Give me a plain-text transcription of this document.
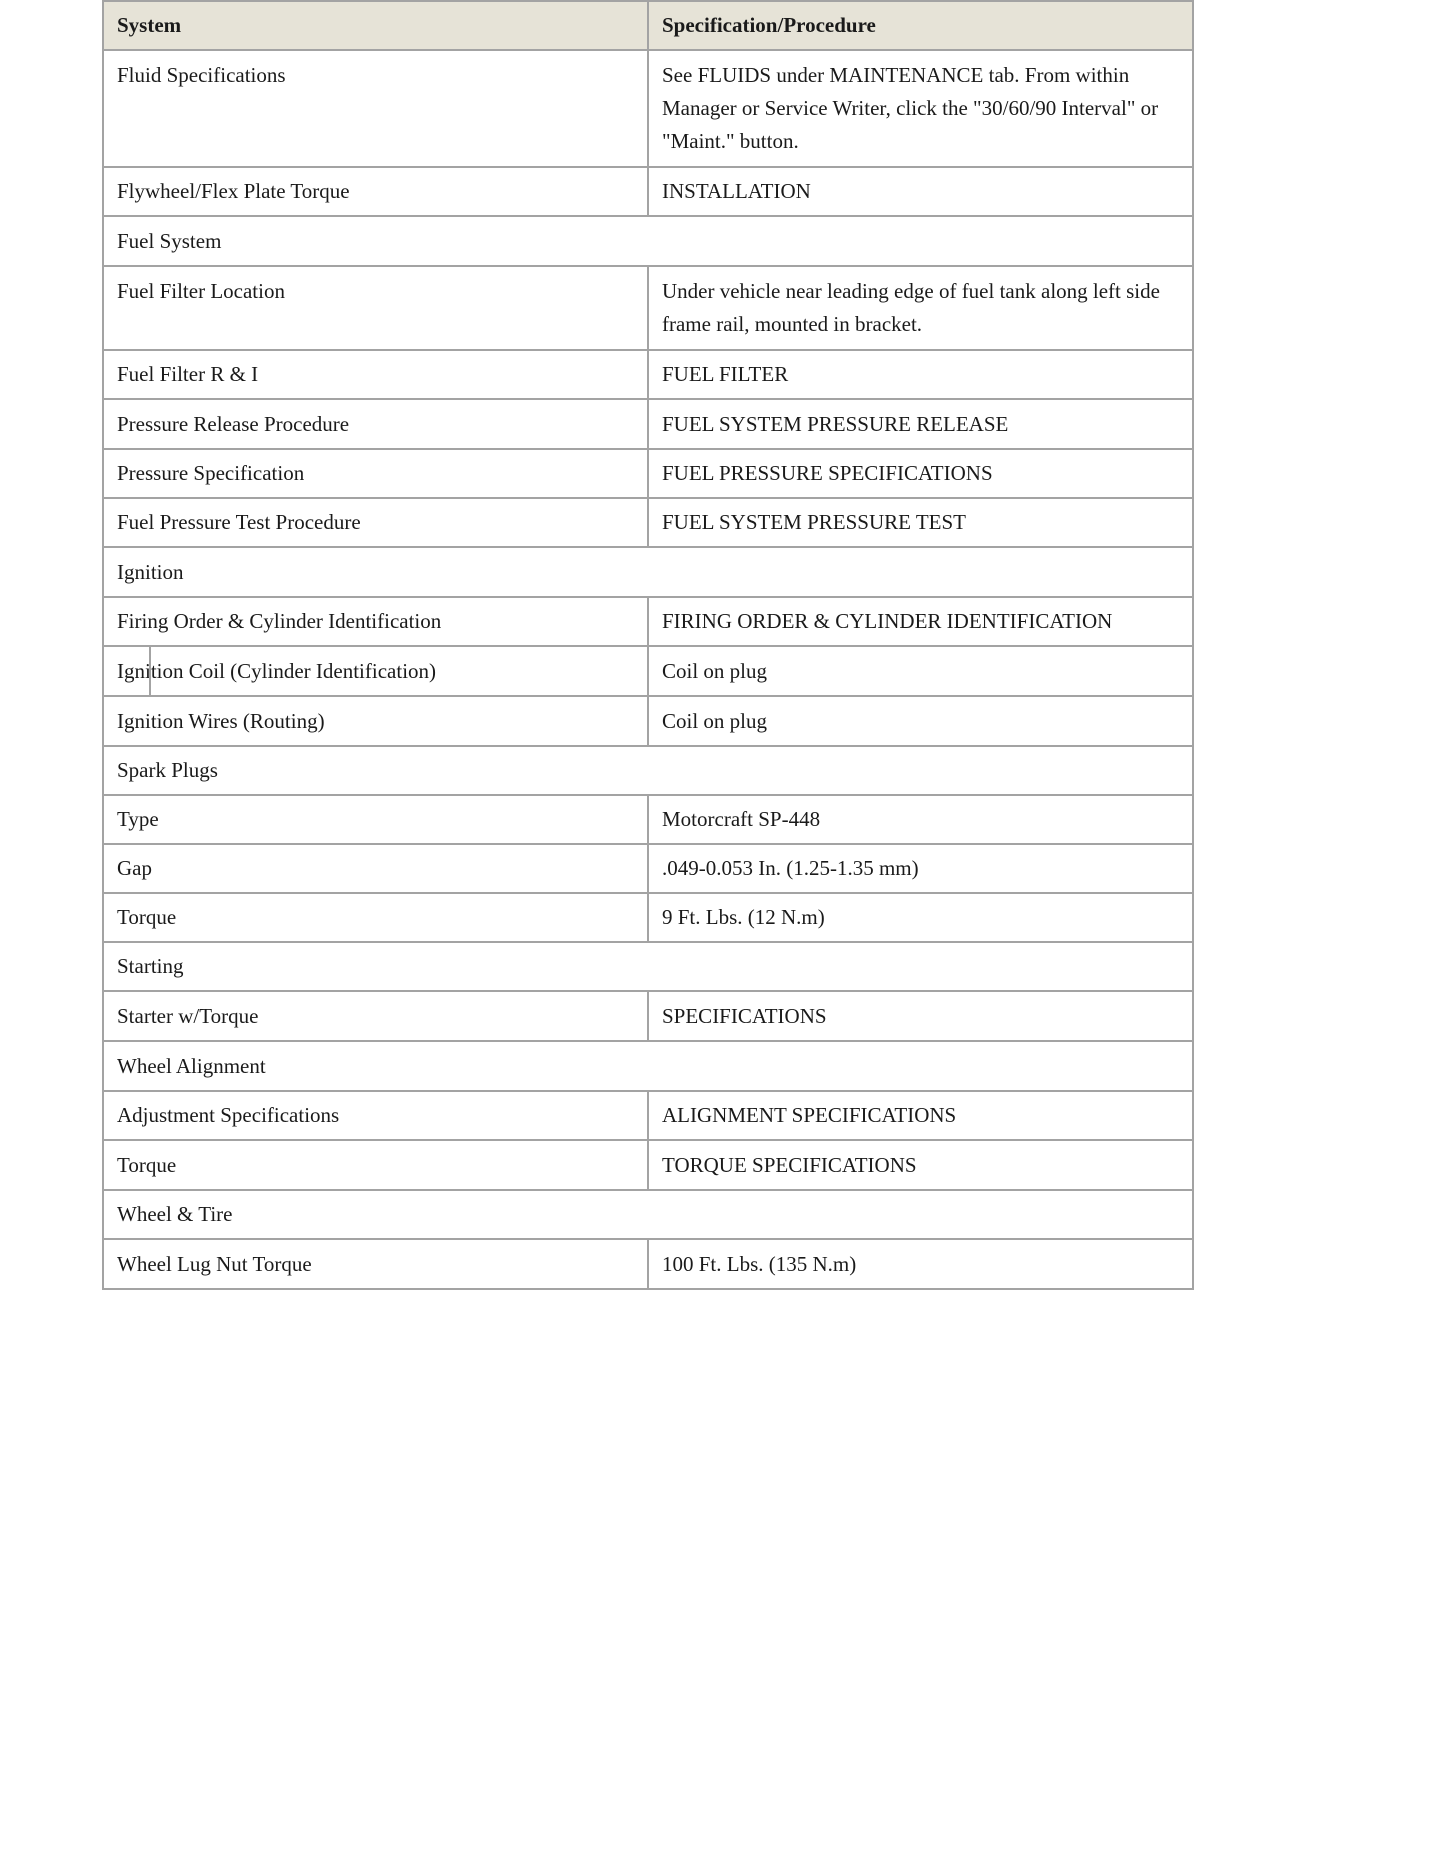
System	Specification/Procedure
Fluid Specifications	See FLUIDS under MAINTENANCE tab. From within Manager or Service Writer, click the "30/60/90 Interval" or "Maint." button.
Flywheel/Flex Plate Torque	INSTALLATION
Fuel System	
Fuel Filter Location	Under vehicle near leading edge of fuel tank along left side frame rail, mounted in bracket.
Fuel Filter R & I	FUEL FILTER
Pressure Release Procedure	FUEL SYSTEM PRESSURE RELEASE
Pressure Specification	FUEL PRESSURE SPECIFICATIONS
Fuel Pressure Test Procedure	FUEL SYSTEM PRESSURE TEST
Ignition	
Firing Order & Cylinder Identification	FIRING ORDER & CYLINDER IDENTIFICATION

Ignition Coil (Cylinder Identification)	Coil on plug
Ignition Wires (Routing)	Coil on plug
Spark Plugs	
Type	Motorcraft SP-448
Gap	.049-0.053 In. (1.25-1.35 mm)
Torque	9 Ft. Lbs. (12 N.m)
Starting	
Starter w/Torque	SPECIFICATIONS
Wheel Alignment	
Adjustment Specifications	ALIGNMENT SPECIFICATIONS
Torque	TORQUE SPECIFICATIONS
Wheel & Tire	
Wheel Lug Nut Torque	100 Ft. Lbs. (135 N.m)
